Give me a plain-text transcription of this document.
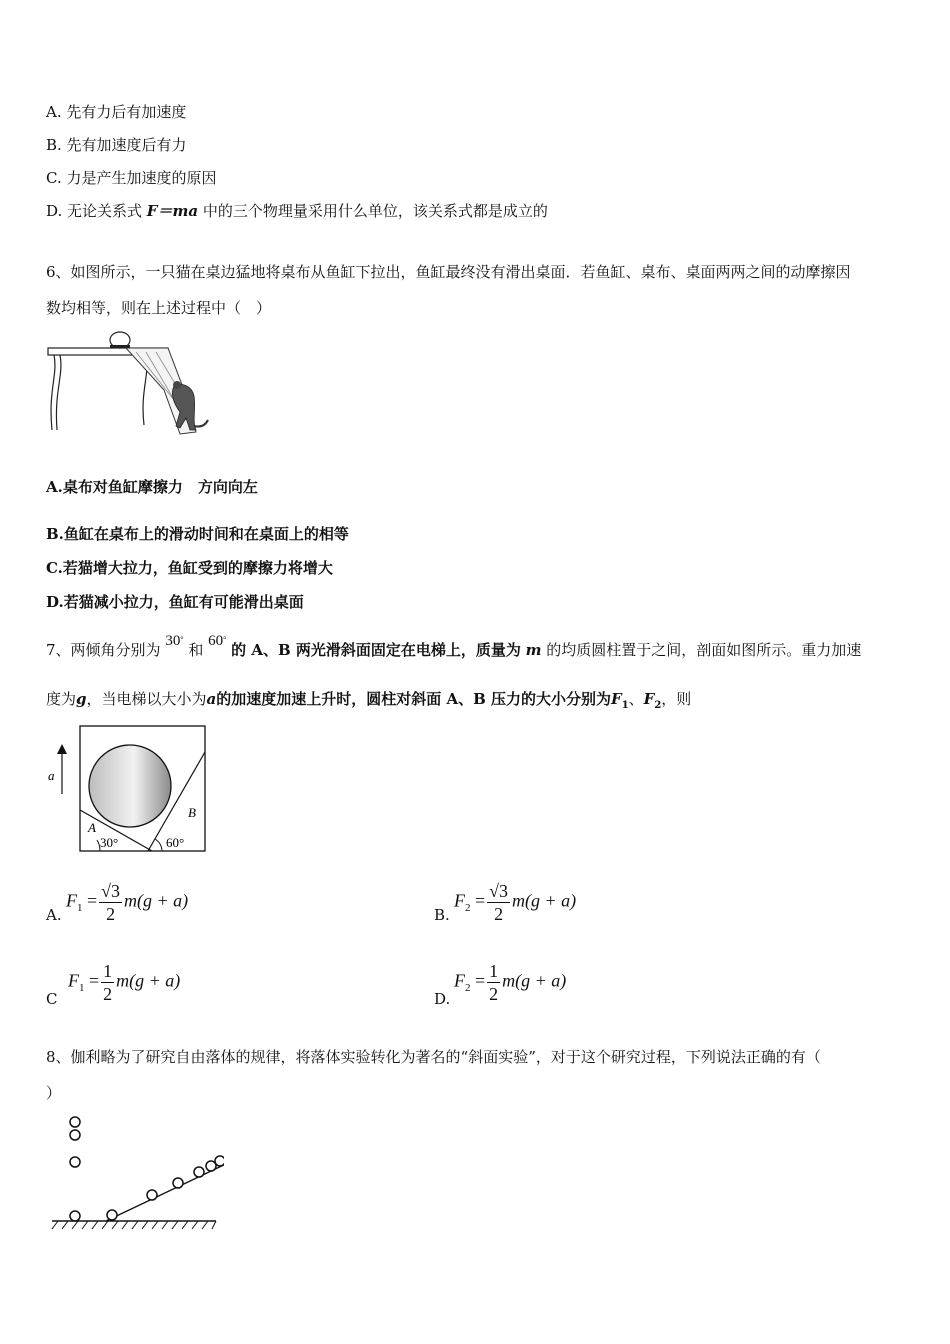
A. 先有力后有加速度
B. 先有加速度后有力
C. 力是产生加速度的原因
D. 无论关系式 F＝ma 中的三个物理量采用什么单位，该关系式都是成立的
6、如图所示，一只猫在桌边猛地将桌布从鱼缸下拉出，鱼缸最终没有滑出桌面．若鱼缸、桌布、桌面两两之间的动摩擦因
数均相等，则在上述过程中（　）
A.桌布对鱼缸摩擦力　方向向左
B.鱼缸在桌布上的滑动时间和在桌面上的相等
C.若猫增大拉力，鱼缸受到的摩擦力将增大
D.若猫减小拉力，鱼缸有可能滑出桌面
7、两倾角分别为 30° 和 60° 的 A、B 两光滑斜面固定在电梯上，质量为 m 的均质圆柱置于之间，剖面如图所示。重力加速
度为g，当电梯以大小为a的加速度加速上升时，圆柱对斜面 A、B 压力的大小分别为$F_1$、$F_2$，则
a
A
B
30°	60°
A.
$F_1 = \frac{√3}{2} m(g + a)$
B.
$F_2 = \frac{√3}{2} m(g + a)$
C
$F_1 = \frac{1}{2} m(g + a)$
D.
$F_2 = \frac{1}{2} m(g + a)$
8、伽利略为了研究自由落体的规律，将落体实验转化为著名的“斜面实验”，对于这个研究过程，下列说法正确的有（
）
